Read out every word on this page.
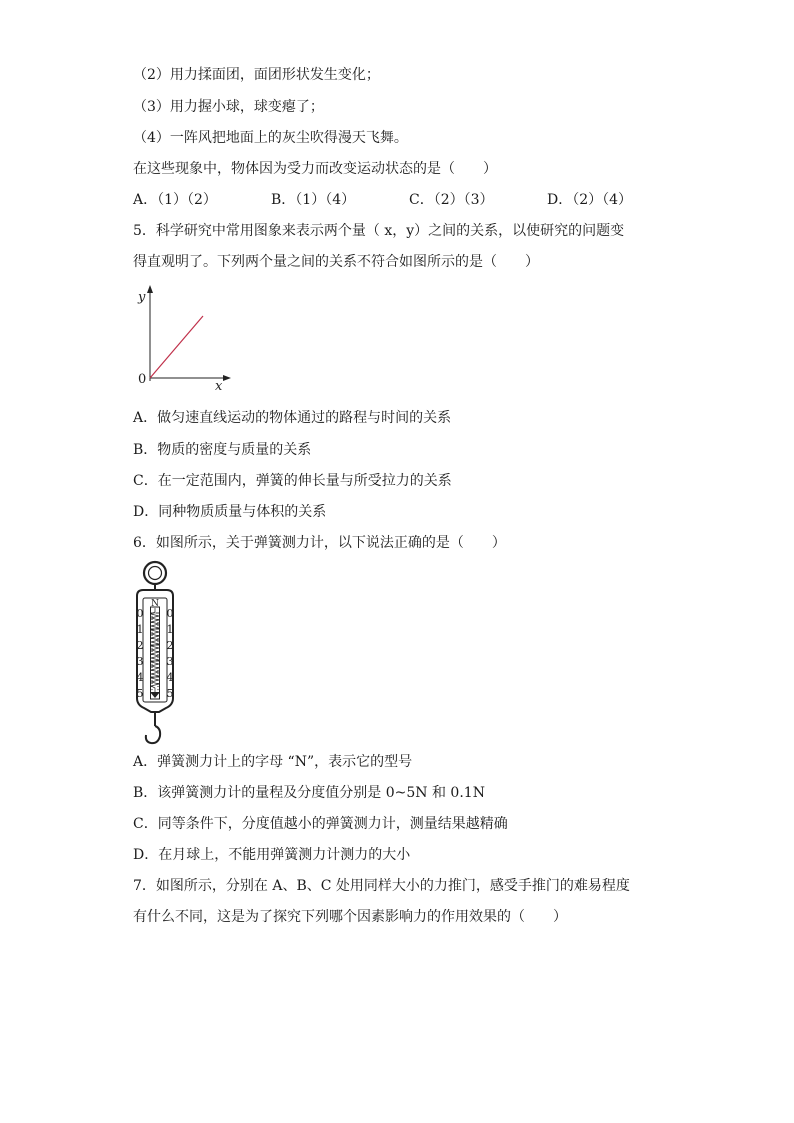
（2）用力揉面团，面团形状发生变化；
（3）用力握小球，球变瘪了；
（4）一阵风把地面上的灰尘吹得漫天飞舞。
在这些现象中，物体因为受力而改变运动状态的是（　　）
A．（1）（2）	B．（1）（4）	C．（2）（3）	D．（2）（4）
5．科学研究中常用图象来表示两个量（ x，y）之间的关系，以使研究的问题变
得直观明了。下列两个量之间的关系不符合如图所示的是（　　）
y
x
0
A．做匀速直线运动的物体通过的路程与时间的关系
B．物质的密度与质量的关系
C．在一定范围内，弹簧的伸长量与所受拉力的关系
D．同种物质质量与体积的关系
6．如图所示，关于弹簧测力计，以下说法正确的是（　　）
N
0
1
2
3
4
5
0
1
2
3
4
5
A．弹簧测力计上的字母 “N”，表示它的型号
B．该弹簧测力计的量程及分度值分别是 0~5N 和 0.1N
C．同等条件下，分度值越小的弹簧测力计，测量结果越精确
D．在月球上，不能用弹簧测力计测力的大小
7．如图所示，分别在 A、B、C 处用同样大小的力推门，感受手推门的难易程度
有什么不同，这是为了探究下列哪个因素影响力的作用效果的（　　）
